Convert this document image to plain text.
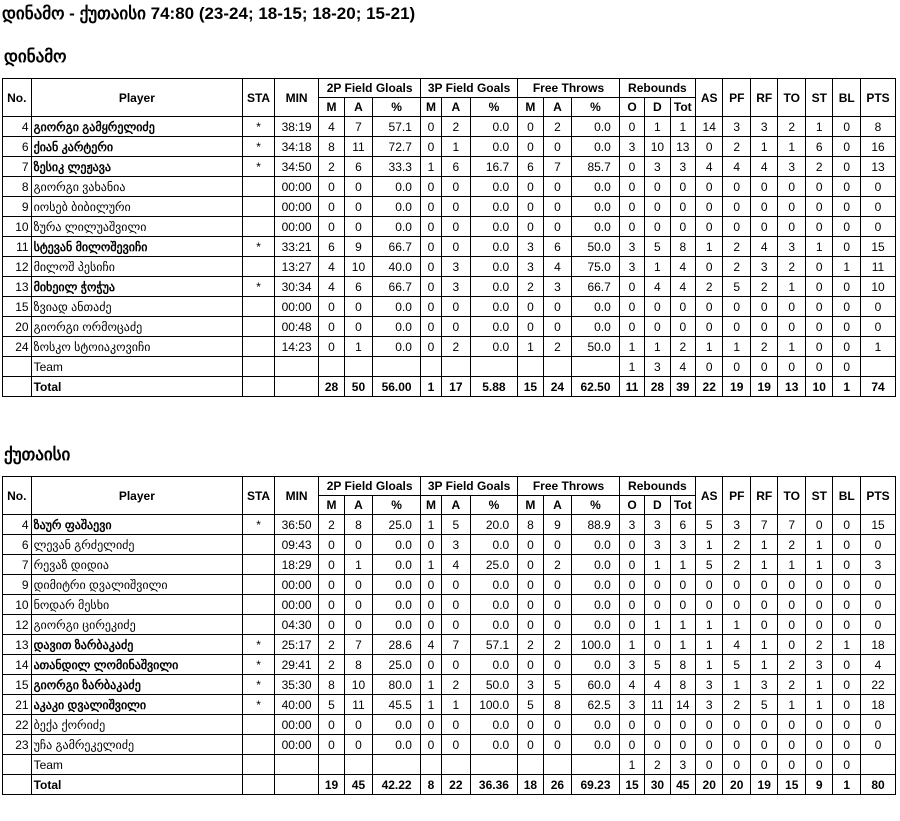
დინამო - ქუთაისი 74:80 (23-24; 18-15; 18-20; 15-21)
დინამო
No.	Player	STA	MIN	2P Field Gloals			3P Field Goals			Free Throws			Rebounds			AS	PF	RF	TO	ST	BL	PTS
				M	A	%	M	A	%	M	A	%	O	D	Tot							
4	გიორგი გამყრელიძე	*	38:19	4	7	57.1	0	2	0.0	0	2	0.0	0	1	1	14	3	3	2	1	0	8
6	ქიან კარტერი	*	34:18	8	11	72.7	0	1	0.0	0	0	0.0	3	10	13	0	2	1	1	6	0	16
7	ზესიკ ლეჟავა	*	34:50	2	6	33.3	1	6	16.7	6	7	85.7	0	3	3	4	4	4	3	2	0	13
8	გიორგი ვახანია		00:00	0	0	0.0	0	0	0.0	0	0	0.0	0	0	0	0	0	0	0	0	0	0
9	იოსებ ბიბილური		00:00	0	0	0.0	0	0	0.0	0	0	0.0	0	0	0	0	0	0	0	0	0	0
10	ზურა ლილუაშვილი		00:00	0	0	0.0	0	0	0.0	0	0	0.0	0	0	0	0	0	0	0	0	0	0
11	სტევან მილოშევიჩი	*	33:21	6	9	66.7	0	0	0.0	3	6	50.0	3	5	8	1	2	4	3	1	0	15
12	მილოშ პესიჩი		13:27	4	10	40.0	0	3	0.0	3	4	75.0	3	1	4	0	2	3	2	0	1	11
13	მიხეილ ჭოჭუა	*	30:34	4	6	66.7	0	3	0.0	2	3	66.7	0	4	4	2	5	2	1	0	0	10
15	ზვიად ანთაძე		00:00	0	0	0.0	0	0	0.0	0	0	0.0	0	0	0	0	0	0	0	0	0	0
20	გიორგი ორმოცაძე		00:48	0	0	0.0	0	0	0.0	0	0	0.0	0	0	0	0	0	0	0	0	0	0
24	ზოსკო სტოიაკოვიჩი		14:23	0	1	0.0	0	2	0.0	1	2	50.0	1	1	2	1	1	2	1	0	0	1
	Team												1	3	4	0	0	0	0	0	0	
	Total			28	50	56.00	1	17	5.88	15	24	62.50	11	28	39	22	19	19	13	10	1	74
ქუთაისი
No.	Player	STA	MIN	2P Field Gloals			3P Field Goals			Free Throws			Rebounds			AS	PF	RF	TO	ST	BL	PTS
				M	A	%	M	A	%	M	A	%	O	D	Tot							
4	ზაურ ფაშაევი	*	36:50	2	8	25.0	1	5	20.0	8	9	88.9	3	3	6	5	3	7	7	0	0	15
6	ლევან გრძელიძე		09:43	0	0	0.0	0	3	0.0	0	0	0.0	0	3	3	1	2	1	2	1	0	0
7	რევაზ დიდია		18:29	0	1	0.0	1	4	25.0	0	2	0.0	0	1	1	5	2	1	1	1	0	3
9	დიმიტრი დვალიშვილი		00:00	0	0	0.0	0	0	0.0	0	0	0.0	0	0	0	0	0	0	0	0	0	0
10	ნოდარ მესხი		00:00	0	0	0.0	0	0	0.0	0	0	0.0	0	0	0	0	0	0	0	0	0	0
12	გიორგი ცირეკიძე		04:30	0	0	0.0	0	0	0.0	0	0	0.0	0	1	1	1	1	0	0	0	0	0
13	დავით ზარბაკაძე	*	25:17	2	7	28.6	4	7	57.1	2	2	100.0	1	0	1	1	4	1	0	2	1	18
14	ათანდილ ლომინაშვილი	*	29:41	2	8	25.0	0	0	0.0	0	0	0.0	3	5	8	1	5	1	2	3	0	4
15	გიორგი ზარბაკაძე	*	35:30	8	10	80.0	1	2	50.0	3	5	60.0	4	4	8	3	1	3	2	1	0	22
21	აკაკი დვალიშვილი	*	40:00	5	11	45.5	1	1	100.0	5	8	62.5	3	11	14	3	2	5	1	1	0	18
22	ბექა ქორიძე		00:00	0	0	0.0	0	0	0.0	0	0	0.0	0	0	0	0	0	0	0	0	0	0
23	უჩა გამრეკელიძე		00:00	0	0	0.0	0	0	0.0	0	0	0.0	0	0	0	0	0	0	0	0	0	0
	Team												1	2	3	0	0	0	0	0	0	
	Total			19	45	42.22	8	22	36.36	18	26	69.23	15	30	45	20	20	19	15	9	1	80
